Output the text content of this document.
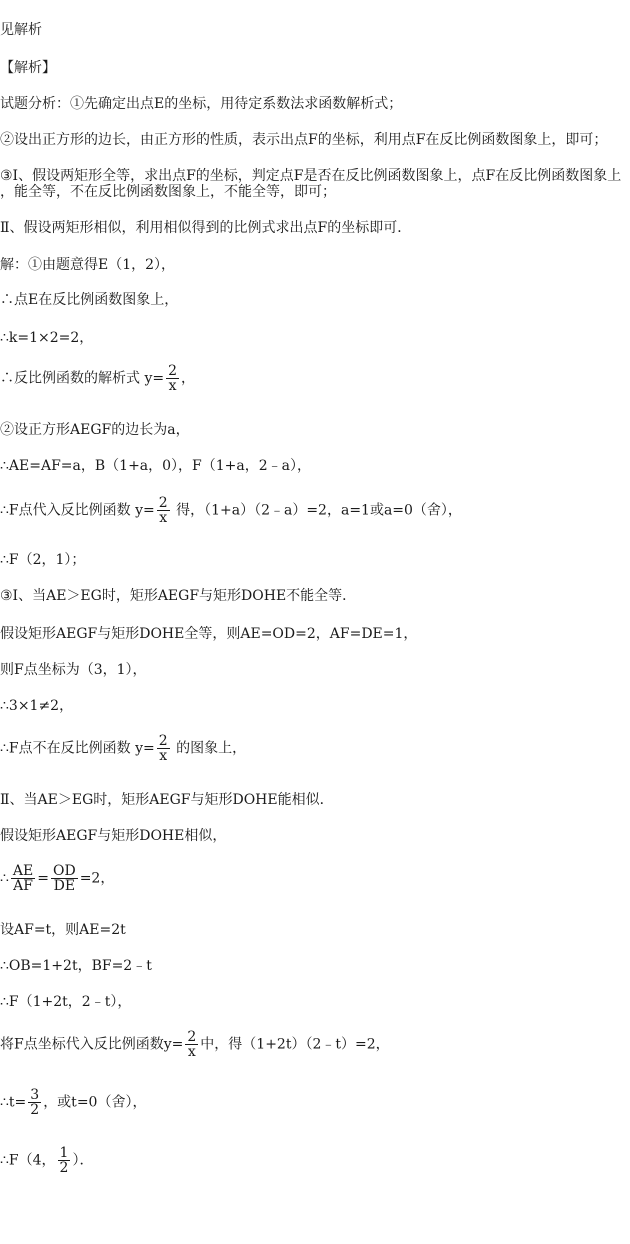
见解析
【解析】
试题分析：①先确定出点E的坐标，用待定系数法求函数解析式；
②设出正方形的边长，由正方形的性质，表示出点F的坐标，利用点F在反比例函数图象上，即可；
③Ⅰ、假设两矩形全等，求出点F的坐标，判定点F是否在反比例函数图象上，点F在反比例函数图象上
，能全等，不在反比例函数图象上，不能全等，即可；
Ⅱ、假设两矩形相似，利用相似得到的比例式求出点F的坐标即可．
解：①由题意得E（1，2），
∴点E在反比例函数图象上，
∴k=1×2=2，
∴反比例函数的解析式 $y= \frac{2}{x}$ ，
②设正方形AEGF的边长为a，
∴AE=AF=a，B（1+a，0），F（1+a，2﹣a），
∴F点代入反比例函数 $y= \frac{2}{x}$ 得，（1+a）（2﹣a）=2，a=1或a=0（舍），
∴F（2，1）；
③Ⅰ、当AE＞EG时，矩形AEGF与矩形DOHE不能全等．
假设矩形AEGF与矩形DOHE全等，则AE=OD=2，AF=DE=1，
则F点坐标为（3，1），
∴3×1≠2，
∴F点不在反比例函数 $y= \frac{2}{x}$ 的图象上，
Ⅱ、当AE＞EG时，矩形AEGF与矩形DOHE能相似．
假设矩形AEGF与矩形DOHE相似，
∴ $\frac{AE}{AF} = \frac{OD}{DE} =2$，
设AF=t，则AE=2t
∴OB=1+2t，BF=2﹣t
∴F（1+2t，2﹣t），
将F点坐标代入反比例函数$y= \frac{2}{x}$ 中，得（1+2t）（2﹣t）=2，
∴t= $\frac{3}{2}$ ，或t=0（舍），
∴F（4， $\frac{1}{2}$ ）．
